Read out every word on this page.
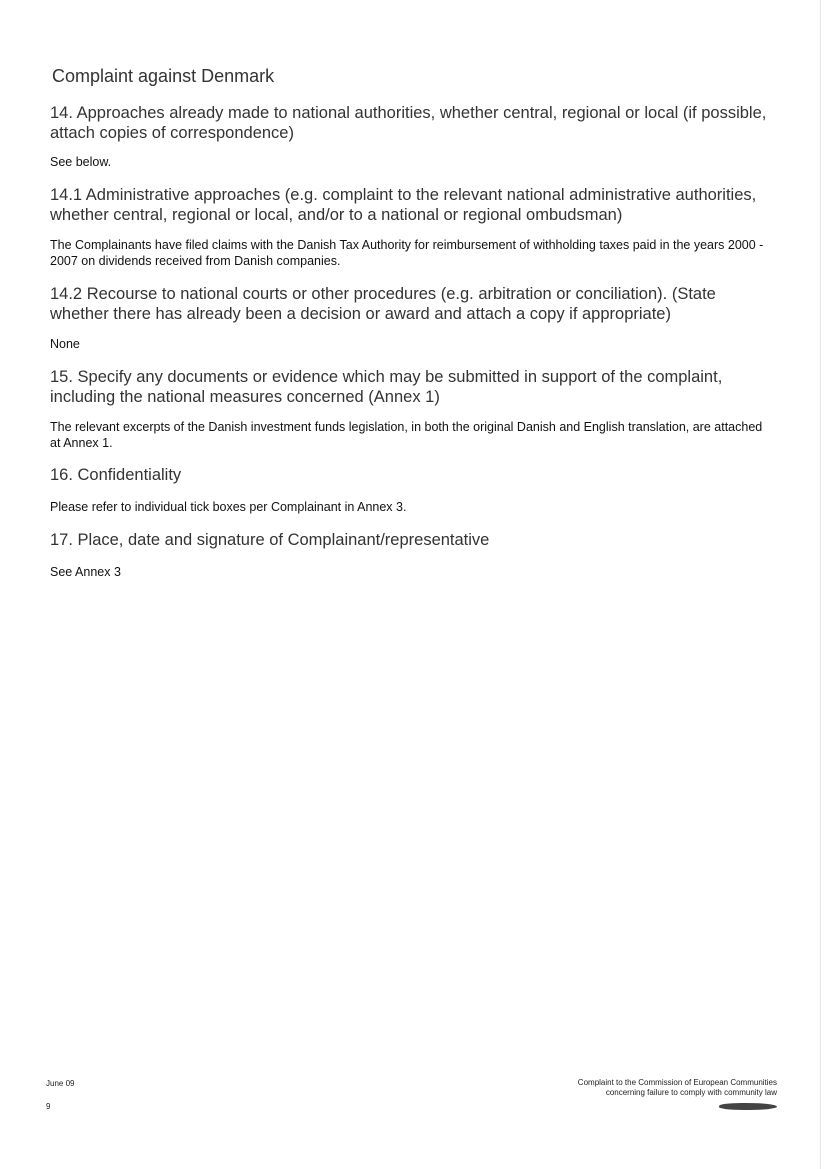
Complaint against Denmark
14. Approaches already made to national authorities, whether central, regional or local (if possible, attach copies of correspondence)

See below.

14.1 Administrative approaches (e.g. complaint to the relevant national administrative authorities, whether central, regional or local, and/or to a national or regional ombudsman)

The Complainants have filed claims with the Danish Tax Authority for reimbursement of withholding taxes paid in the years 2000 - 2007 on dividends received from Danish companies.

14.2 Recourse to national courts or other procedures (e.g. arbitration or conciliation). (State whether there has already been a decision or award and attach a copy if appropriate)

None

15. Specify any documents or evidence which may be submitted in support of the complaint, including the national measures concerned (Annex 1)

The relevant excerpts of the Danish investment funds legislation, in both the original Danish and English translation, are attached at Annex 1.

16. Confidentiality

Please refer to individual tick boxes per Complainant in Annex 3.

17. Place, date and signature of Complainant/representative

See Annex 3

June 09
9
Complaint to the Commission of European Communities
concerning failure to comply with community law
